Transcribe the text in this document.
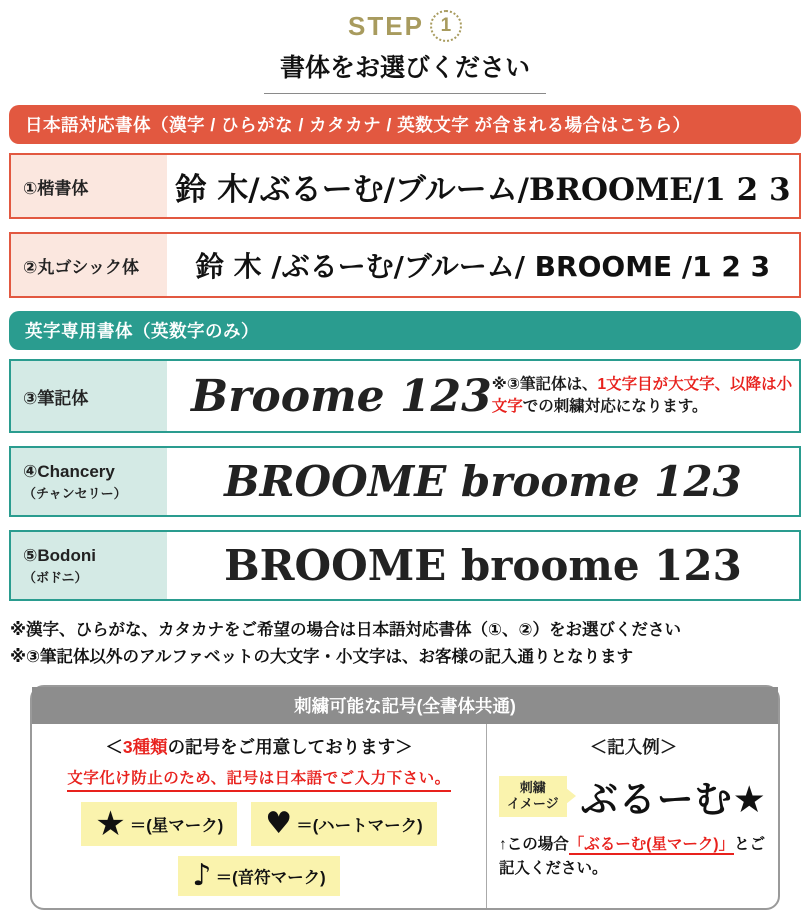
STEP 1
書体をお選びください
日本語対応書体（漢字 / ひらがな / カタカナ / 英数文字 が含まれる場合はこちら）
①楷書体	鈴 木/ぶるーむ/ブルーム/BROOME/1 2 3
②丸ゴシック体	鈴 木 /ぶるーむ/ブルーム/ BROOME /1 2 3
英字専用書体（英数字のみ）
③筆記体	Broome 123 ※③筆記体は、1文字目が大文字、以降は小文字での刺繍対応になります。
④Chancery
（チャンセリー）	BROOME broome 123
⑤Bodoni
（ボドニ）	BROOME broome 123
※漢字、ひらがな、カタカナをご希望の場合は日本語対応書体（①、②）をお選びください
※③筆記体以外のアルファベットの大文字・小文字は、お客様の記入通りとなります
刺繍可能な記号(全書体共通)
＜3種類の記号をご用意しております＞
文字化け防止のため、記号は日本語でご入力下さい。
★ ＝(星マーク) ♥ ＝(ハートマーク)
♪ ＝(音符マーク)
＜記入例＞
刺繍
イメージ ぶるーむ★
↑この場合「ぶるーむ(星マーク)」とご記入ください。
